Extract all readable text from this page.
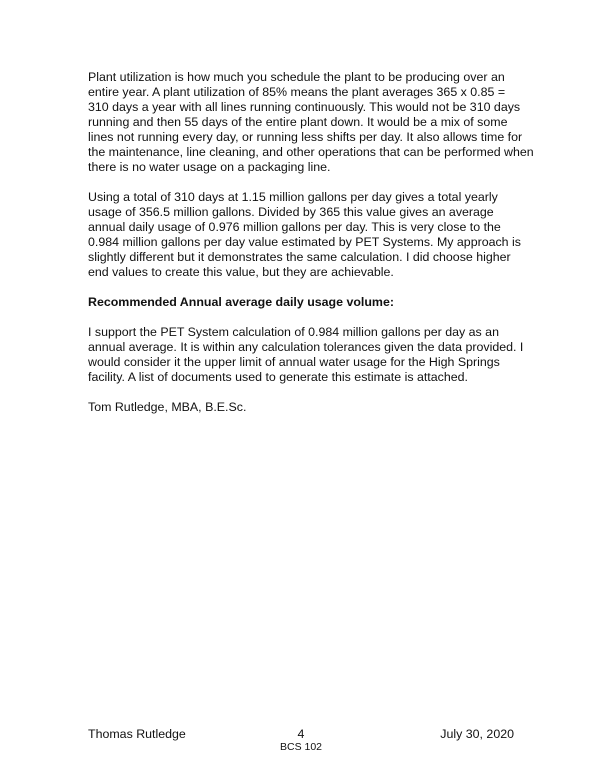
Plant utilization is how much you schedule the plant to be producing over an
entire year. A plant utilization of 85% means the plant averages 365 x 0.85 =
310 days a year with all lines running continuously. This would not be 310 days
running and then 55 days of the entire plant down. It would be a mix of some
lines not running every day, or running less shifts per day. It also allows time for
the maintenance, line cleaning, and other operations that can be performed when
there is no water usage on a packaging line.

Using a total of 310 days at 1.15 million gallons per day gives a total yearly
usage of 356.5 million gallons. Divided by 365 this value gives an average
annual daily usage of 0.976 million gallons per day. This is very close to the
0.984 million gallons per day value estimated by PET Systems. My approach is
slightly different but it demonstrates the same calculation. I did choose higher
end values to create this value, but they are achievable.

Recommended Annual average daily usage volume:

I support the PET System calculation of 0.984 million gallons per day as an
annual average. It is within any calculation tolerances given the data provided. I
would consider it the upper limit of annual water usage for the High Springs
facility. A list of documents used to generate this estimate is attached.

Tom Rutledge, MBA, B.E.Sc.

Thomas Rutledge	4	July 30, 2020
BCS 102
